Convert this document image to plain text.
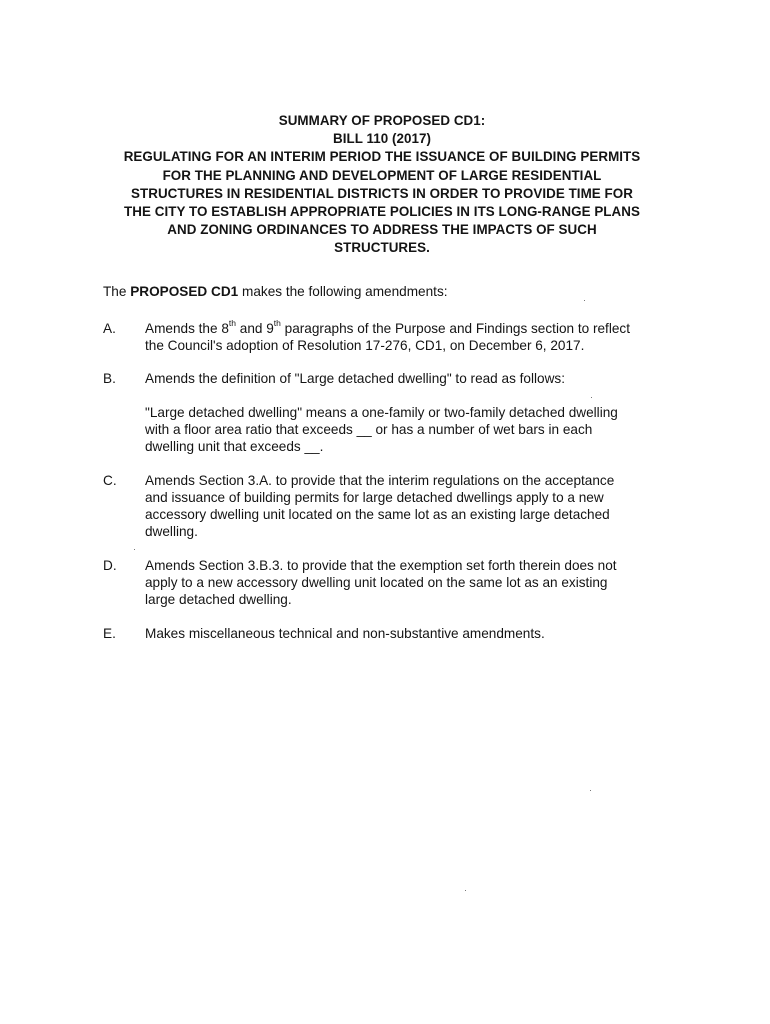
SUMMARY OF PROPOSED CD1:
BILL 110 (2017)
REGULATING FOR AN INTERIM PERIOD THE ISSUANCE OF BUILDING PERMITS
FOR THE PLANNING AND DEVELOPMENT OF LARGE RESIDENTIAL
STRUCTURES IN RESIDENTIAL DISTRICTS IN ORDER TO PROVIDE TIME FOR
THE CITY TO ESTABLISH APPROPRIATE POLICIES IN ITS LONG-RANGE PLANS
AND ZONING ORDINANCES TO ADDRESS THE IMPACTS OF SUCH
STRUCTURES.
The PROPOSED CD1 makes the following amendments:
A. Amends the 8th and 9th paragraphs of the Purpose and Findings section to reflect
the Council's adoption of Resolution 17-276, CD1, on December 6, 2017.
B. Amends the definition of "Large detached dwelling" to read as follows:
"Large detached dwelling" means a one-family or two-family detached dwelling
with a floor area ratio that exceeds __ or has a number of wet bars in each
dwelling unit that exceeds __.
C. Amends Section 3.A. to provide that the interim regulations on the acceptance
and issuance of building permits for large detached dwellings apply to a new
accessory dwelling unit located on the same lot as an existing large detached
dwelling.
D. Amends Section 3.B.3. to provide that the exemption set forth therein does not
apply to a new accessory dwelling unit located on the same lot as an existing
large detached dwelling.
E. Makes miscellaneous technical and non-substantive amendments.
